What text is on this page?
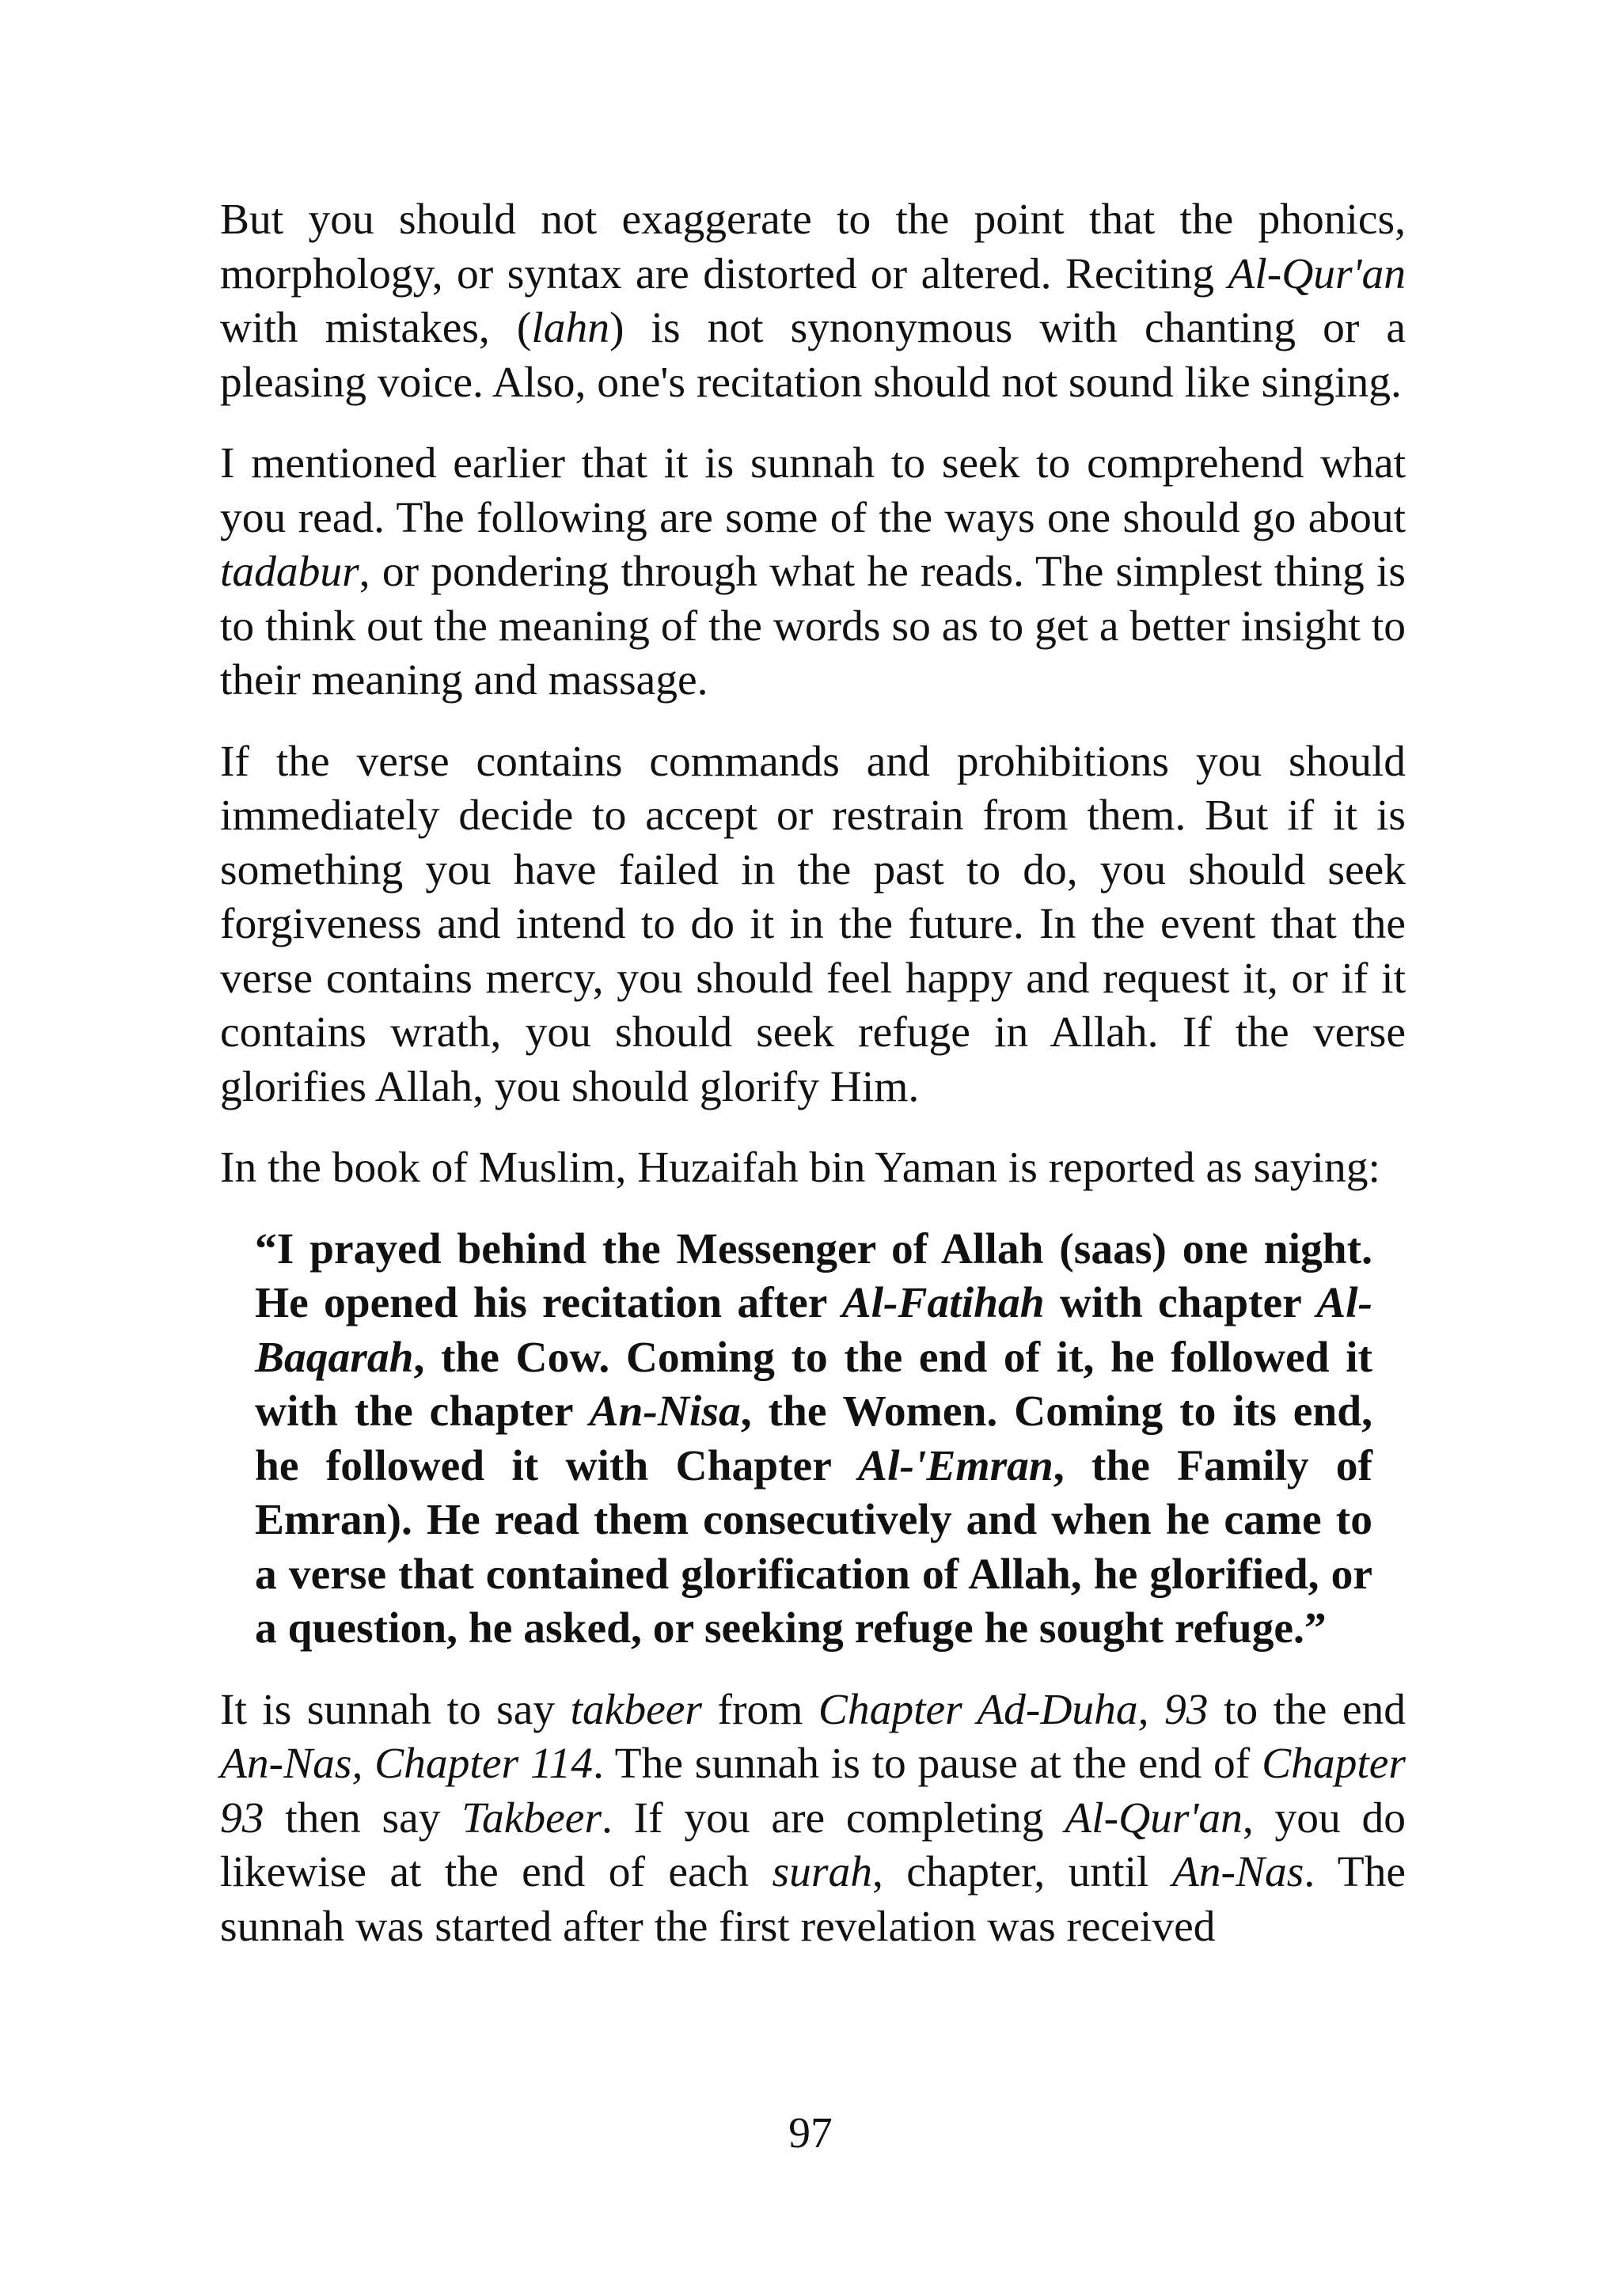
But you should not exaggerate to the point that the phonics, morphology, or syntax are distorted or altered. Reciting Al-Qur'an with mistakes, (lahn) is not synonymous with chanting or a pleasing voice. Also, one's recitation should not sound like singing.

I mentioned earlier that it is sunnah to seek to comprehend what you read. The following are some of the ways one should go about tadabur, or pondering through what he reads. The simplest thing is to think out the meaning of the words so as to get a better insight to their meaning and massage.

If the verse contains commands and prohibitions you should immediately decide to accept or restrain from them. But if it is something you have failed in the past to do, you should seek forgiveness and intend to do it in the future. In the event that the verse contains mercy, you should feel happy and request it, or if it contains wrath, you should seek refuge in Allah. If the verse glorifies Allah, you should glorify Him.

In the book of Muslim, Huzaifah bin Yaman is reported as saying:

“I prayed behind the Messenger of Allah (saas) one night. He opened his recitation after Al-Fatihah with chapter Al-Baqarah, the Cow. Coming to the end of it, he followed it with the chapter An-Nisa, the Women. Coming to its end, he followed it with Chapter Al-'Emran, the Family of Emran). He read them consecutively and when he came to a verse that contained glorification of Allah, he glorified, or a question, he asked, or seeking refuge he sought refuge.”

It is sunnah to say takbeer from Chapter Ad-Duha, 93 to the end An-Nas, Chapter 114. The sunnah is to pause at the end of Chapter 93 then say Takbeer. If you are completing Al-Qur'an, you do likewise at the end of each surah, chapter, until An-Nas. The sunnah was started after the first revelation was received

97
